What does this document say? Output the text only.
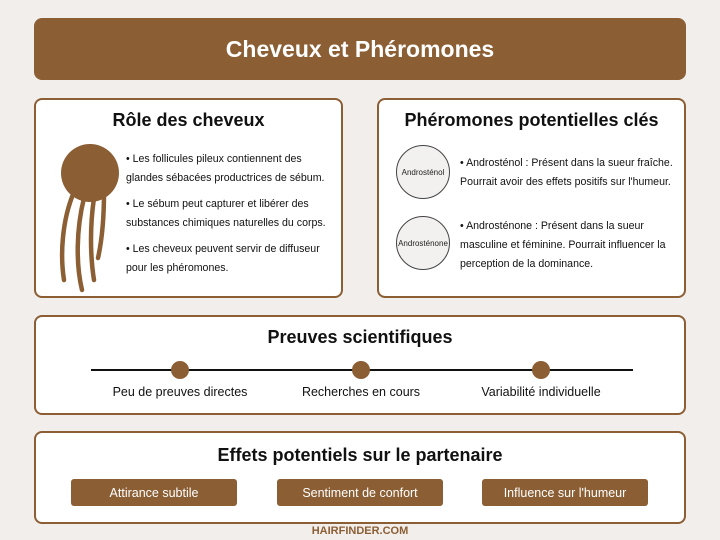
Cheveux et Phéromones
Rôle des cheveux

• Les follicules pileux contiennent des glandes sébacées productrices de sébum.

• Le sébum peut capturer et libérer des substances chimiques naturelles du corps.

• Les cheveux peuvent servir de diffuseur pour les phéromones.

Phéromones potentielles clés
Androsténol
• Androsténol : Présent dans la sueur fraîche. Pourrait avoir des effets positifs sur l'humeur.
Androsténone
• Androsténone : Présent dans la sueur masculine et féminine. Pourrait influencer la perception de la dominance.
Preuves scientifiques
Peu de preuves directes	Recherches en cours	Variabilité individuelle
Effets potentiels sur le partenaire
Attirance subtile	Sentiment de confort	Influence sur l'humeur
HAIRFINDER.COM
